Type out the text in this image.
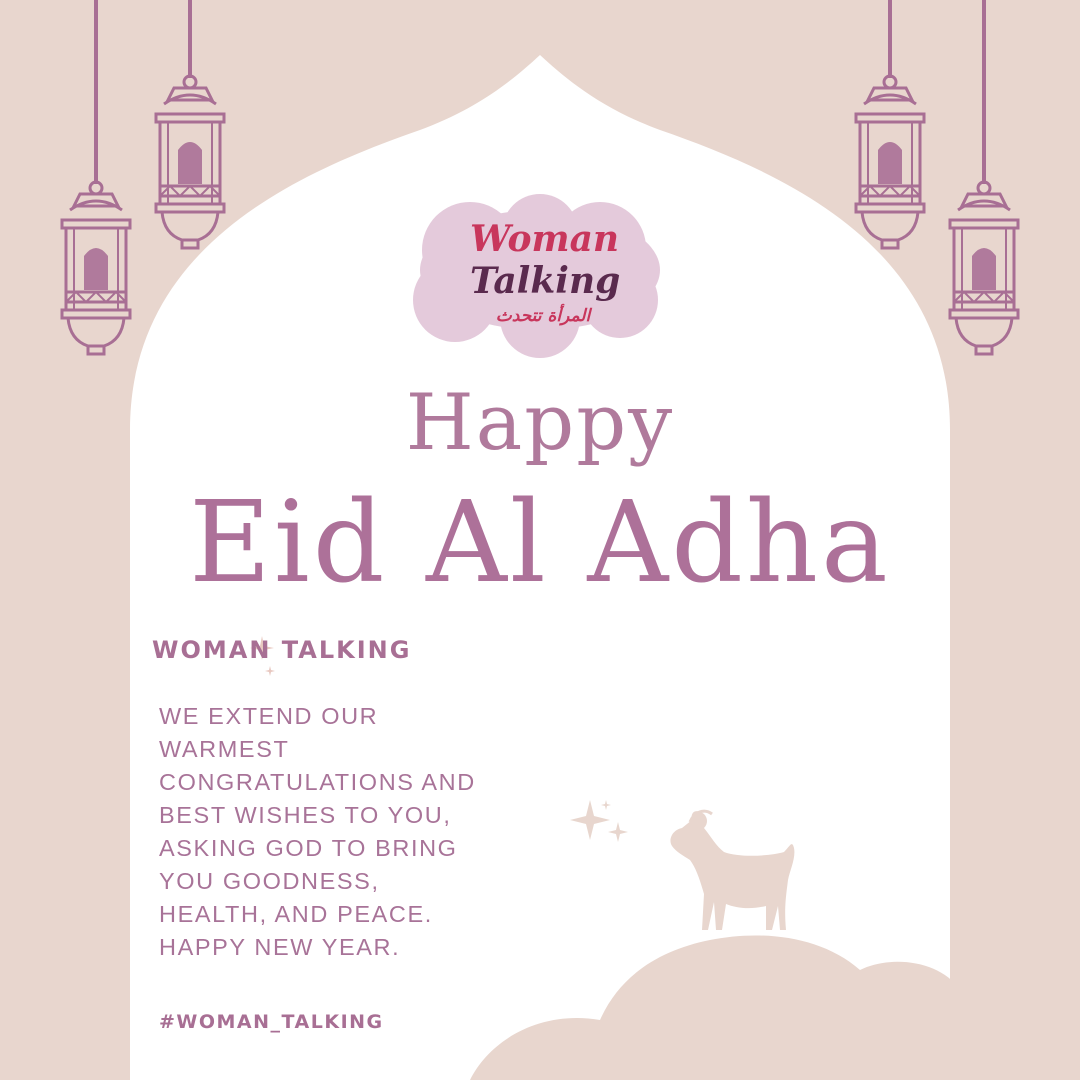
Woman
Talking
المرأة تتحدث

Happy

Eid Al Adha

WOMAN TALKING

WE EXTEND OUR WARMEST CONGRATULATIONS AND BEST WISHES TO YOU, ASKING GOD TO BRING YOU GOODNESS, HEALTH, AND PEACE. HAPPY NEW YEAR.

#WOMAN_TALKING
